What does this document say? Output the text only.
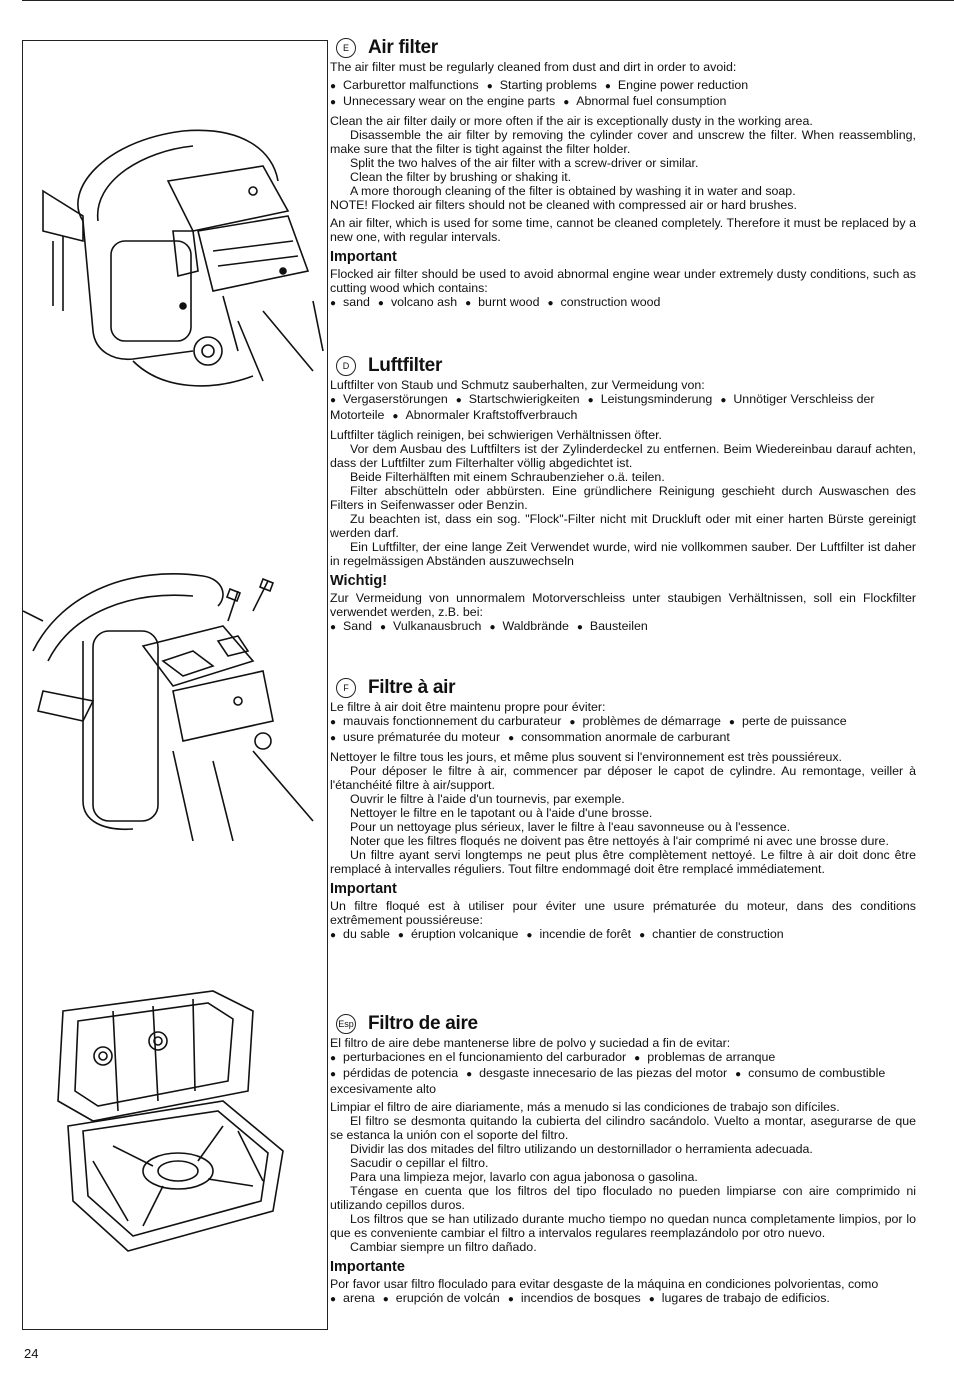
24
E	Air filter

The air filter must be regularly cleaned from dust and dirt in order to avoid:

● Carburettor malfunctions ● Starting problems ● Engine power reduction
● Unnecessary wear on the engine parts ● Abnormal fuel consumption

Clean the air filter daily or more often if the air is exceptionally dusty in the working area.

Disassemble the air filter by removing the cylinder cover and unscrew the filter. When reassembling, make sure that the filter is tight against the filter holder.

Split the two halves of the air filter with a screw-driver or similar.

Clean the filter by brushing or shaking it.

A more thorough cleaning of the filter is obtained by washing it in water and soap.

NOTE! Flocked air filters should not be cleaned with compressed air or hard brushes.

An air filter, which is used for some time, cannot be cleaned completely. Therefore it must be replaced by a new one, with regular intervals.

Important

Flocked air filter should be used to avoid abnormal engine wear under extremely dusty conditions, such as cutting wood which contains:

● sand ● volcano ash ● burnt wood ● construction wood
D Luftfilter

Luftfilter von Staub und Schmutz sauberhalten, zur Vermeidung von:

● Vergaserstörungen ● Startschwierigkeiten ● Leistungsminderung ● Unnötiger Verschleiss der Motorteile ● Abnormaler Kraftstoffverbrauch

Luftfilter täglich reinigen, bei schwierigen Verhältnissen öfter.

Vor dem Ausbau des Luftfilters ist der Zylinderdeckel zu entfernen. Beim Wiedereinbau darauf achten, dass der Luftfilter zum Filterhalter völlig abgedichtet ist.

Beide Filterhälften mit einem Schraubenzieher o.ä. teilen.

Filter abschütteln oder abbürsten. Eine gründlichere Reinigung geschieht durch Auswaschen des Filters in Seifenwasser oder Benzin.

Zu beachten ist, dass ein sog. "Flock"-Filter nicht mit Druckluft oder mit einer harten Bürste gereinigt werden darf.

Ein Luftfilter, der eine lange Zeit Verwendet wurde, wird nie vollkommen sauber. Der Luftfilter ist daher in regelmässigen Abständen auszuwechseln

Wichtig!

Zur Vermeidung von unnormalem Motorverschleiss unter staubigen Verhältnissen, soll ein Flockfilter verwendet werden, z.B. bei:

● Sand ● Vulkanausbruch ● Waldbrände ● Bausteilen
F	Filtre à air

Le filtre à air doit être maintenu propre pour éviter:

● mauvais fonctionnement du carburateur ● problèmes de démarrage ● perte de puissance
● usure prématurée du moteur ● consommation anormale de carburant

Nettoyer le filtre tous les jours, et même plus souvent si l'environnement est très poussiéreux.

Pour déposer le filtre à air, commencer par déposer le capot de cylindre. Au remontage, veiller à l'étanchéité filtre à air/support.

Ouvrir le filtre à l'aide d'un tournevis, par exemple.

Nettoyer le filtre en le tapotant ou à l'aide d'une brosse.

Pour un nettoyage plus sérieux, laver le filtre à l'eau savonneuse ou à l'essence.

Noter que les filtres floqués ne doivent pas être nettoyés à l'air comprimé ni avec une brosse dure.

Un filtre ayant servi longtemps ne peut plus être complètement nettoyé. Le filtre à air doit donc être remplacé à intervalles réguliers. Tout filtre endommagé doit être remplacé immédiatement.

Important

Un filtre floqué est à utiliser pour éviter une usure prématurée du moteur, dans des conditions extrêmement poussiéreuse:

● du sable ● éruption volcanique ● incendie de forêt ● chantier de construction
Esp Filtro de aire

El filtro de aire debe mantenerse libre de polvo y suciedad a fin de evitar:

● perturbaciones en el funcionamiento del carburador ● problemas de arranque
● pérdidas de potencia ● desgaste innecesario de las piezas del motor ● consumo de combustible excesivamente alto

Limpiar el filtro de aire diariamente, más a menudo si las condiciones de trabajo son difíciles.

El filtro se desmonta quitando la cubierta del cilindro sacándolo. Vuelto a montar, asegurarse de que se estanca la unión con el soporte del filtro.

Dividir las dos mitades del filtro utilizando un destornillador o herramienta adecuada.

Sacudir o cepillar el filtro.

Para una limpieza mejor, lavarlo con agua jabonosa o gasolina.

Téngase en cuenta que los filtros del tipo floculado no pueden limpiarse con aire comprimido ni utilizando cepillos duros.

Los filtros que se han utilizado durante mucho tiempo no quedan nunca completamente limpios, por lo que es conveniente cambiar el filtro a intervalos regulares reemplazándolo por otro nuevo.

Cambiar siempre un filtro dañado.

Importante

Por favor usar filtro floculado para evitar desgaste de la máquina en condiciones polvorientas, como

● arena ● erupción de volcán ● incendios de bosques ● lugares de trabajo de edificios.
